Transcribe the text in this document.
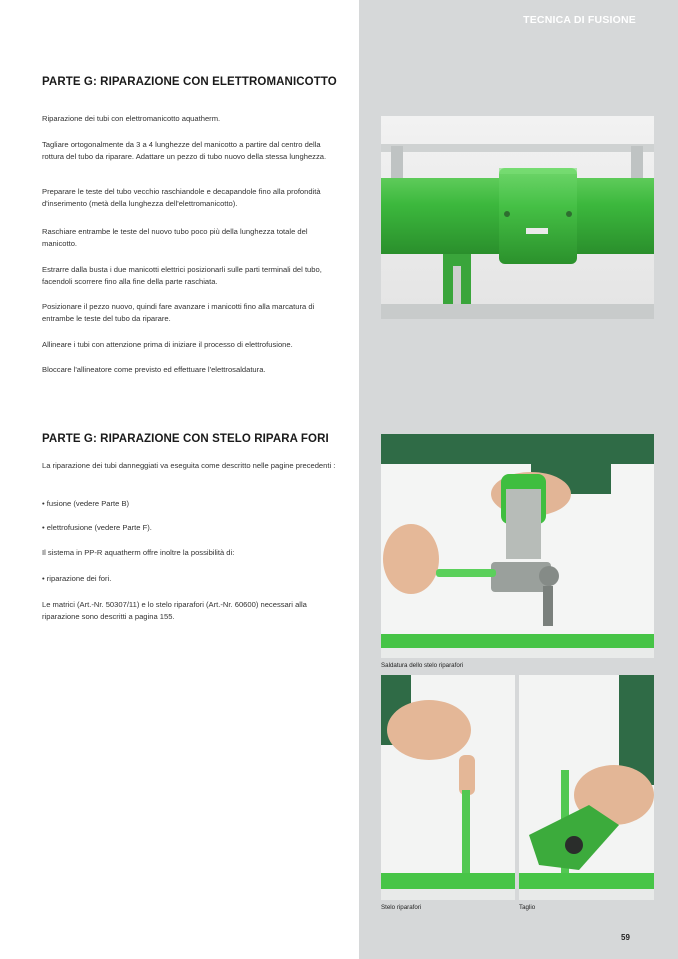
TECNICA DI FUSIONE
PARTE G: RIPARAZIONE CON ELETTROMANICOTTO
Riparazione dei tubi con elettromanicotto aquatherm.
Tagliare ortogonalmente da 3 a 4 lunghezze del manicotto a partire dal centro della rottura del tubo da riparare. Adattare un pezzo di tubo nuovo della stessa lunghezza.
Preparare le teste del tubo vecchio raschiandole e decapandole fino alla profondità d'inserimento (metà della lunghezza dell'elettromanicotto).
Raschiare entrambe le teste del nuovo tubo poco più della lunghezza totale del manicotto.
Estrarre dalla busta i due manicotti elettrici posizionarli sulle parti terminali del tubo, facendoli scorrere fino alla fine della parte raschiata.
Posizionare il pezzo nuovo, quindi fare avanzare i manicotti fino alla marcatura di entrambe le teste del tubo da riparare.
Allineare i tubi con attenzione prima di iniziare il processo di elettrofusione.
Bloccare l'allineatore come previsto ed effettuare l'elettrosaldatura.
PARTE G: RIPARAZIONE CON STELO RIPARA FORI
La riparazione dei tubi danneggiati va eseguita come descritto nelle pagine precedenti :
• fusione (vedere Parte B)
• elettrofusione (vedere Parte F).
Il sistema in PP-R aquatherm offre inoltre la possibilità di:
• riparazione dei fori.
Le matrici (Art.-Nr. 50307/11) e lo stelo riparafori (Art.-Nr. 60600) necessari alla riparazione sono descritti a pagina 155.
Saldatura dello stelo riparafori
Stelo riparafori	Taglio
59
